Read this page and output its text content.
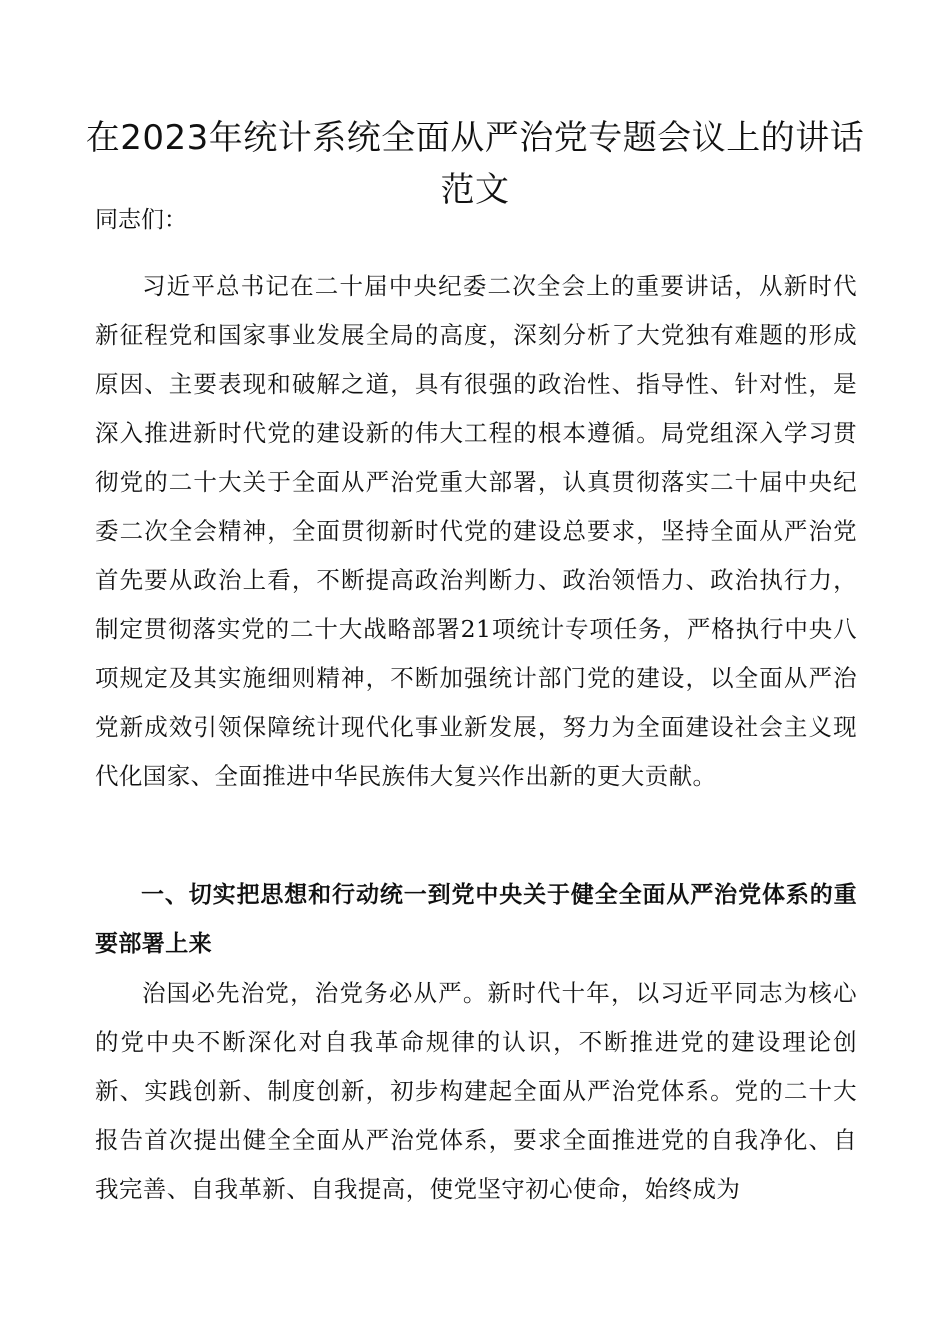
在2023年统计系统全面从严治党专题会议上的讲话范文

同志们：

习近平总书记在二十届中央纪委二次全会上的重要讲话，从新时代新征程党和国家事业发展全局的高度，深刻分析了大党独有难题的形成原因、主要表现和破解之道，具有很强的政治性、指导性、针对性，是深入推进新时代党的建设新的伟大工程的根本遵循。局党组深入学习贯彻党的二十大关于全面从严治党重大部署，认真贯彻落实二十届中央纪委二次全会精神，全面贯彻新时代党的建设总要求，坚持全面从严治党首先要从政治上看，不断提高政治判断力、政治领悟力、政治执行力，制定贯彻落实党的二十大战略部署21项统计专项任务，严格执行中央八项规定及其实施细则精神，不断加强统计部门党的建设，以全面从严治党新成效引领保障统计现代化事业新发展，努力为全面建设社会主义现代化国家、全面推进中华民族伟大复兴作出新的更大贡献。

一、切实把思想和行动统一到党中央关于健全全面从严治党体系的重要部署上来

治国必先治党，治党务必从严。新时代十年，以习近平同志为核心的党中央不断深化对自我革命规律的认识，不断推进党的建设理论创新、实践创新、制度创新，初步构建起全面从严治党体系。党的二十大报告首次提出健全全面从严治党体系，要求全面推进党的自我净化、自我完善、自我革新、自我提高，使党坚守初心使命，始终成为
